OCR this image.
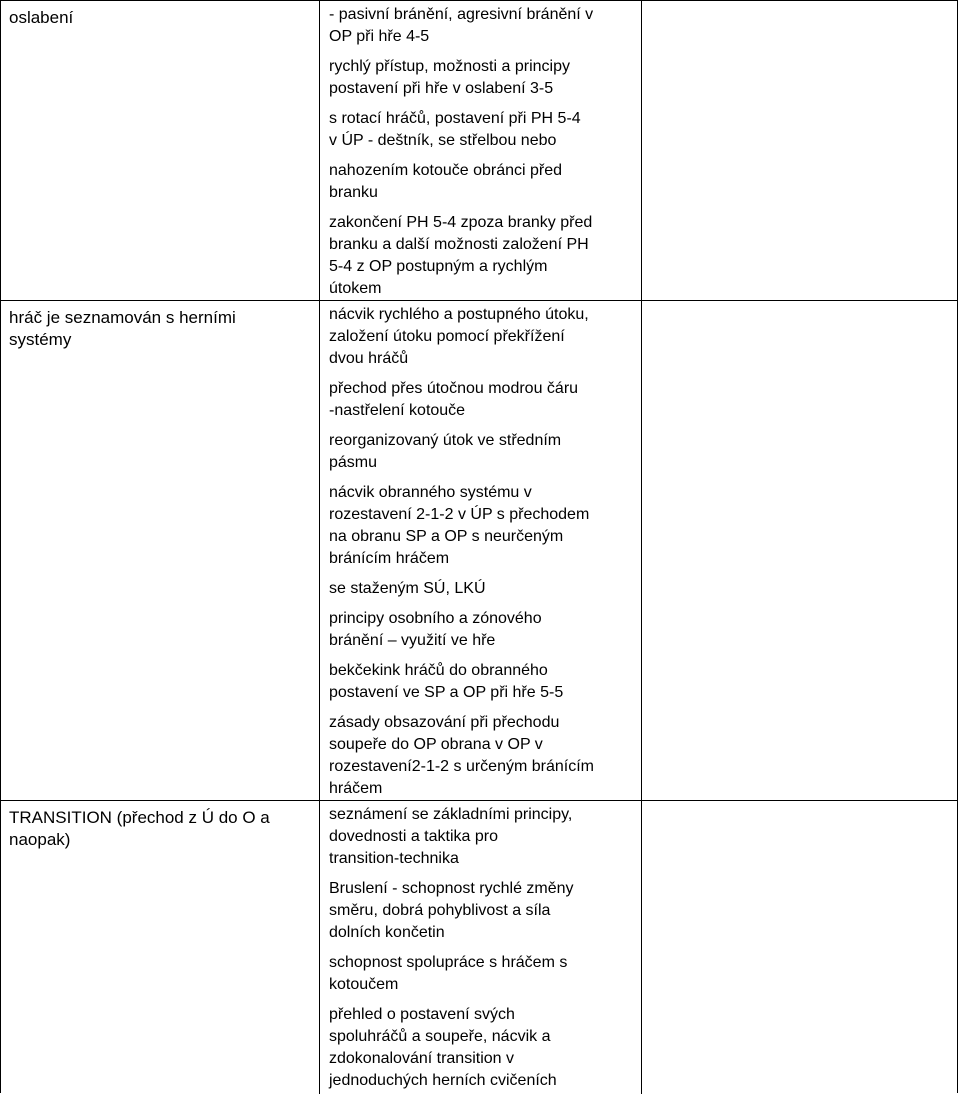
oslabení	- pasivní bránění, agresivní bránění v
OP při hře 4-5
rychlý přístup, možnosti a principy
postavení při hře v oslabení 3-5
s rotací hráčů, postavení při PH 5-4
v ÚP - deštník, se střelbou nebo
nahozením kotouče obránci před
branku
zakončení PH 5-4 zpoza branky před
branku a další možnosti založení PH
5-4 z OP postupným a rychlým
útokem
hráč je seznamován s herními
systémy
nácvik rychlého a postupného útoku,
založení útoku pomocí překřížení
dvou hráčů
přechod přes útočnou modrou čáru
-nastřelení kotouče
reorganizovaný útok ve středním
pásmu
nácvik obranného systému v
rozestavení 2-1-2 v ÚP s přechodem
na obranu SP a OP s neurčeným
bránícím hráčem
se staženým SÚ, LKÚ
principy osobního a zónového
bránění – využití ve hře
bekčekink hráčů do obranného
postavení ve SP a OP při hře 5-5
zásady obsazování při přechodu
soupeře do OP obrana v OP v
rozestavení2-1-2 s určeným bránícím
hráčem
TRANSITION (přechod z Ú do O a
naopak)
seznámení se základními principy,
dovednosti a taktika pro
transition-technika
Bruslení - schopnost rychlé změny
směru, dobrá pohyblivost a síla
dolních končetin
schopnost spolupráce s hráčem s
kotoučem
přehled o postavení svých
spoluhráčů a soupeře, nácvik a
zdokonalování transition v
jednoduchých herních cvičeních
